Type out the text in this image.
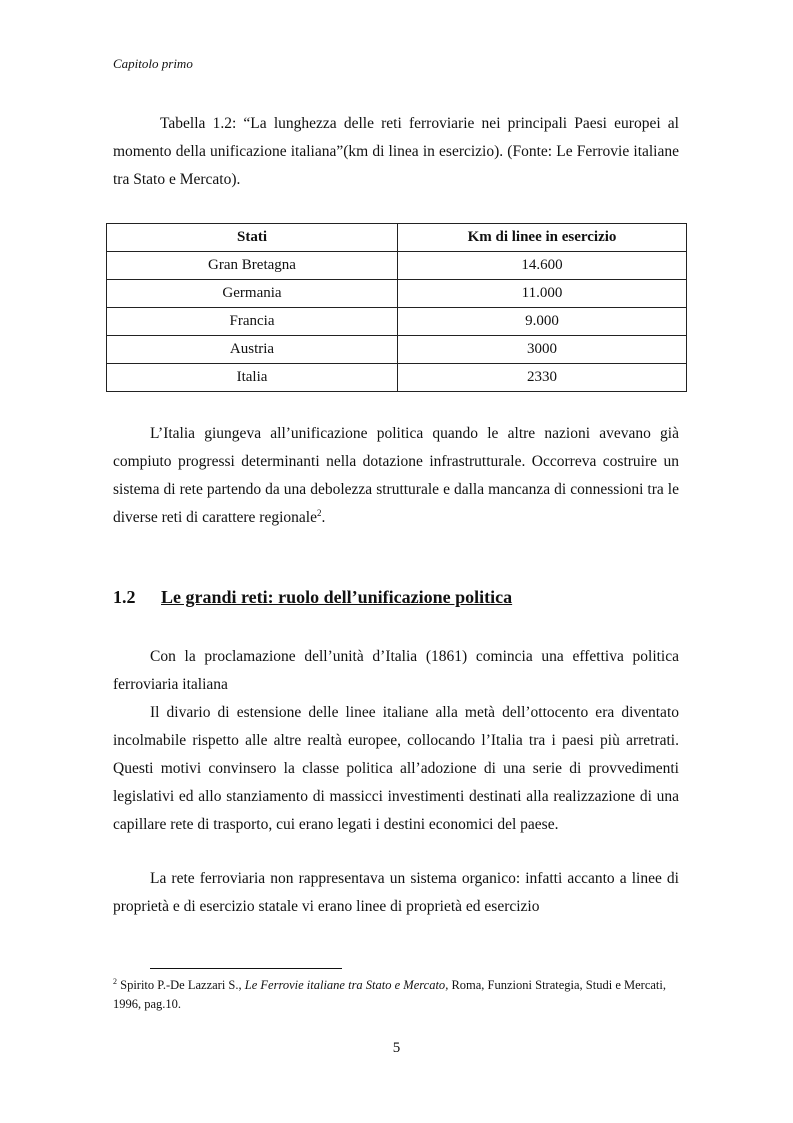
Capitolo primo
Tabella 1.2: “La lunghezza delle reti ferroviarie nei principali Paesi europei al momento della unificazione italiana”(km di linea in esercizio). (Fonte: Le Ferrovie italiane tra Stato e Mercato).
Stati	Km di linee in esercizio
Gran Bretagna	14.600
Germania	11.000
Francia	9.000
Austria	3000
Italia	2330

L’Italia giungeva all’unificazione politica quando le altre nazioni avevano già compiuto progressi determinanti nella dotazione infrastrutturale. Occorreva costruire un sistema di rete partendo da una debolezza strutturale e dalla mancanza di connessioni tra le diverse reti di carattere regionale$^2$.

1.2 Le grandi reti: ruolo dell’unificazione politica

Con la proclamazione dell’unità d’Italia (1861) comincia una effettiva politica ferroviaria italiana

Il divario di estensione delle linee italiane alla metà dell’ottocento era diventato incolmabile rispetto alle altre realtà europee, collocando l’Italia tra i paesi più arretrati. Questi motivi convinsero la classe politica all’adozione di una serie di provvedimenti legislativi ed allo stanziamento di massicci investimenti destinati alla realizzazione di una capillare rete di trasporto, cui erano legati i destini economici del paese.

La rete ferroviaria non rappresentava un sistema organico: infatti accanto a linee di proprietà e di esercizio statale vi erano linee di proprietà ed esercizio

$^2$ Spirito P.-De Lazzari S., Le Ferrovie italiane tra Stato e Mercato, Roma, Funzioni Strategia, Studi e Mercati, 1996, pag.10.
5
